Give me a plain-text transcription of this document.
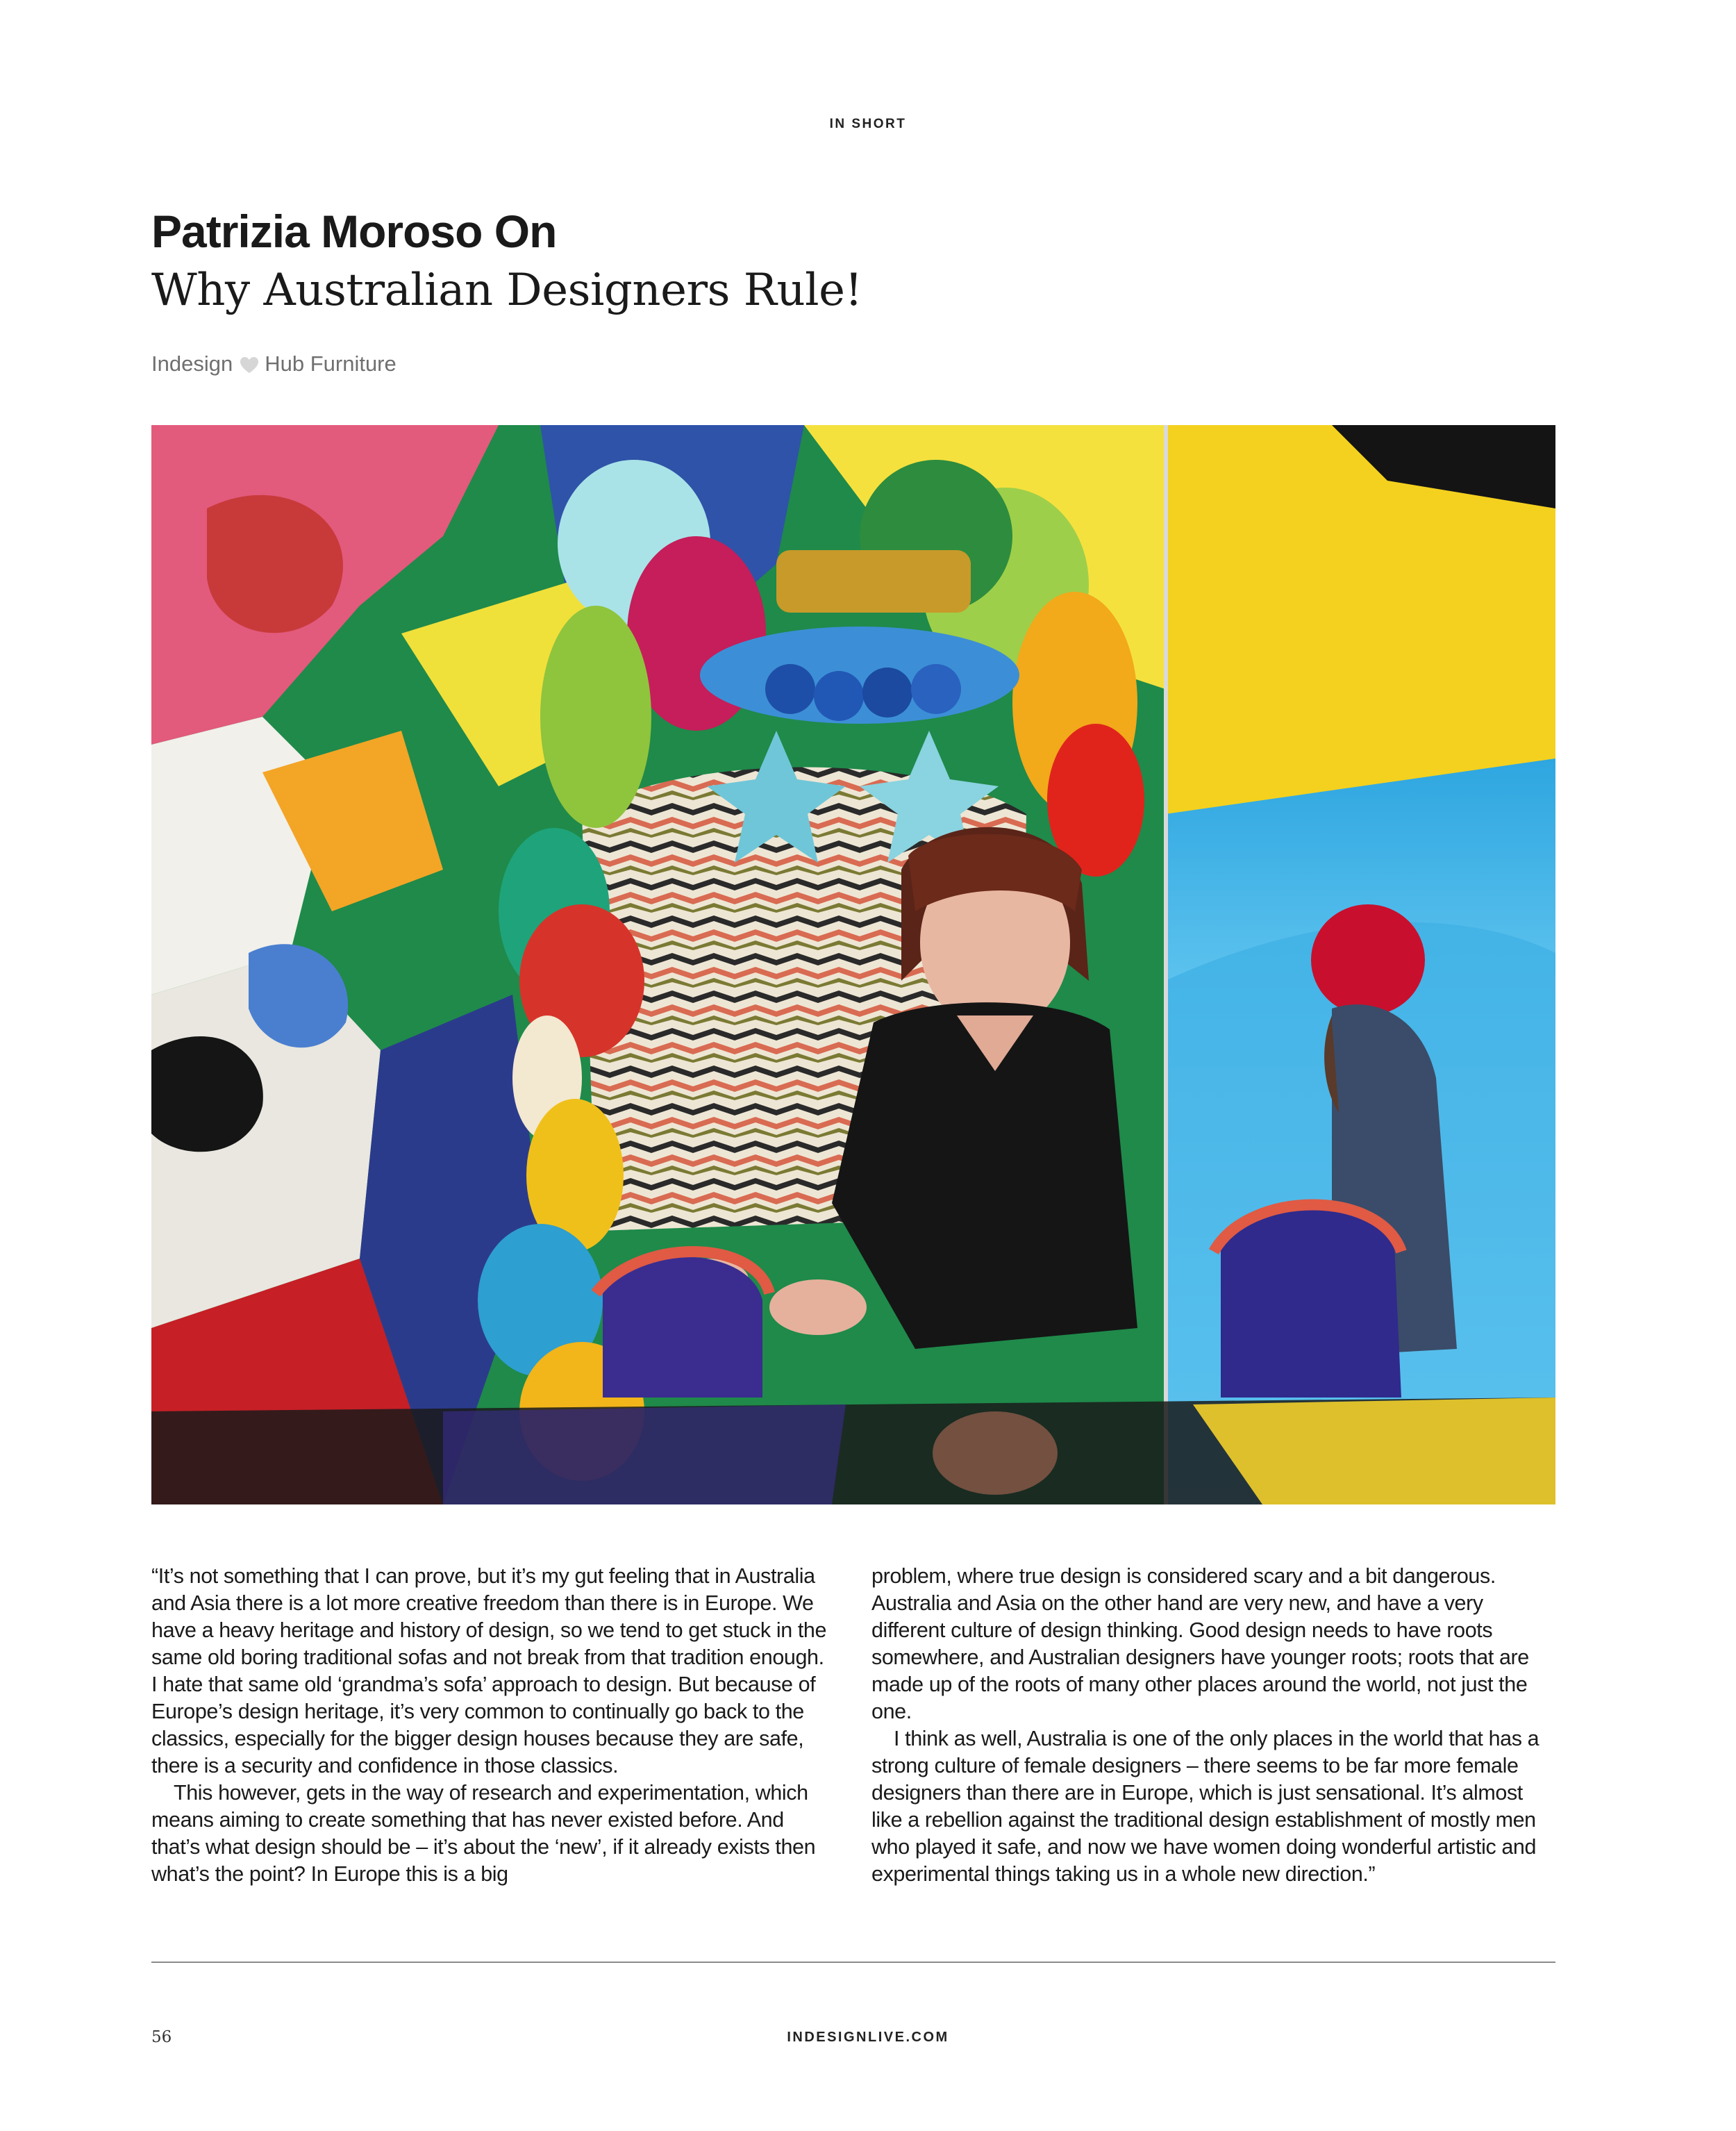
IN SHORT
Patrizia Moroso On
Why Australian Designers Rule!
Indesign Hub Furniture

“It’s not something that I can prove, but it’s my gut feeling that in Australia and Asia there is a lot more creative freedom than there is in Europe. We have a heavy heritage and history of design, so we tend to get stuck in the same old boring traditional sofas and not break from that tradition enough. I hate that same old ‘grandma’s sofa’ approach to design. But because of Europe’s design heritage, it’s very common to continually go back to the classics, especially for the bigger design houses because they are safe, there is a security and confidence in those classics.

This however, gets in the way of research and experimentation, which means aiming to create something that has never existed before. And that’s what design should be – it’s about the ‘new’, if it already exists then what’s the point? In Europe this is a big

problem, where true design is considered scary and a bit dangerous. Australia and Asia on the other hand are very new, and have a very different culture of design thinking. Good design needs to have roots somewhere, and Australian designers have younger roots; roots that are made up of the roots of many other places around the world, not just the one.

I think as well, Australia is one of the only places in the world that has a strong culture of female designers – there seems to be far more female designers than there are in Europe, which is just sensational. It’s almost like a rebellion against the traditional design establishment of mostly men who played it safe, and now we have women doing wonderful artistic and experimental things taking us in a whole new direction.”

56	INDESIGNLIVE.COM
